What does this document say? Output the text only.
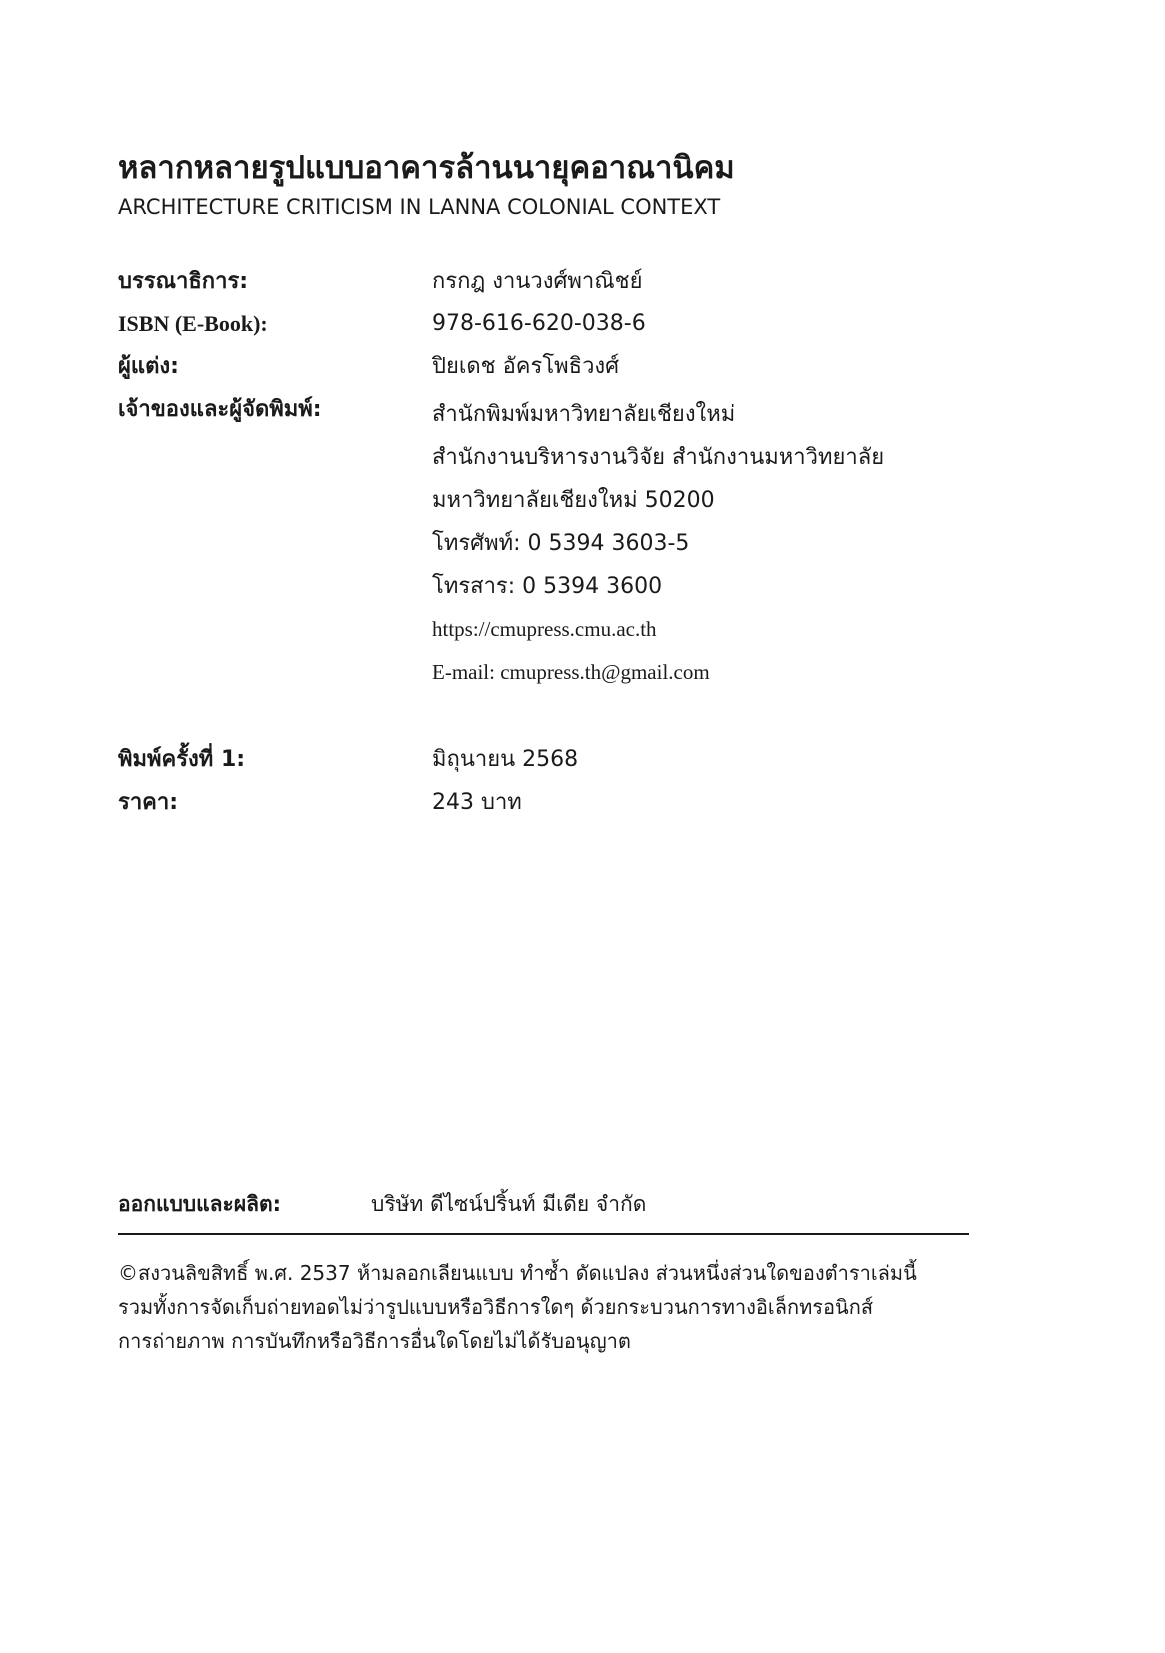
หลากหลายรูปแบบอาคารล้านนายุคอาณานิคม
ARCHITECTURE CRITICISM IN LANNA COLONIAL CONTEXT
บรรณาธิการ:	กรกฎ งานวงศ์พาณิชย์
ISBN (E-Book):	978-616-620-038-6
ผู้แต่ง:	ปิยเดช อัครโพธิวงศ์
เจ้าของและผู้จัดพิมพ์:	สำนักพิมพ์มหาวิทยาลัยเชียงใหม่
สำนักงานบริหารงานวิจัย สำนักงานมหาวิทยาลัย
มหาวิทยาลัยเชียงใหม่ 50200
โทรศัพท์: 0 5394 3603-5
โทรสาร: 0 5394 3600
https://cmupress.cmu.ac.th
E-mail: cmupress.th@gmail.com
พิมพ์ครั้งที่ 1:	มิถุนายน 2568
ราคา:	243 บาท
ออกแบบและผลิต:	บริษัท ดีไซน์ปริ้นท์ มีเดีย จำกัด
©สงวนลิขสิทธิ์ พ.ศ. 2537 ห้ามลอกเลียนแบบ ทำซ้ำ ดัดแปลง ส่วนหนึ่งส่วนใดของตำราเล่มนี้
รวมทั้งการจัดเก็บถ่ายทอดไม่ว่ารูปแบบหรือวิธีการใดๆ ด้วยกระบวนการทางอิเล็กทรอนิกส์
การถ่ายภาพ การบันทึกหรือวิธีการอื่นใดโดยไม่ได้รับอนุญาต
